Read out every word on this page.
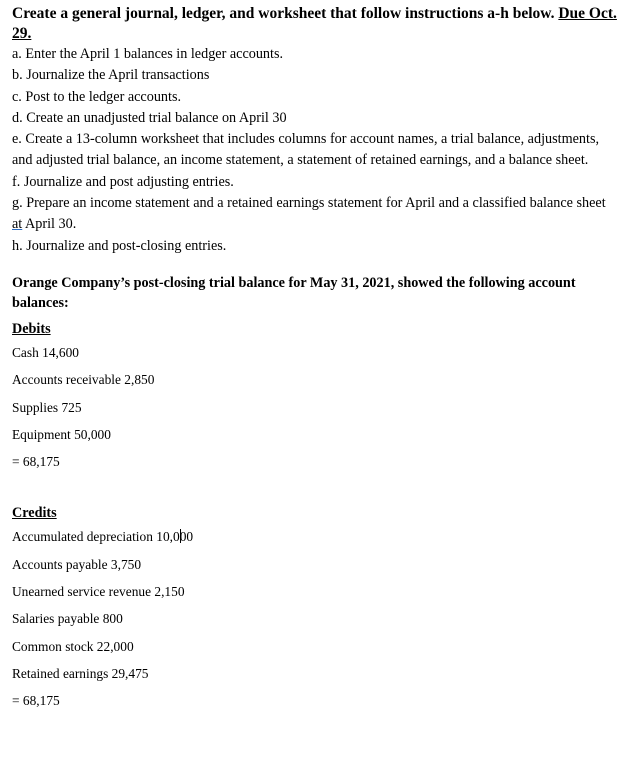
Create a general journal, ledger, and worksheet that follow instructions a-h below. Due Oct. 29.

a. Enter the April 1 balances in ledger accounts.
b. Journalize the April transactions
c. Post to the ledger accounts.
d. Create an unadjusted trial balance on April 30
e. Create a 13-column worksheet that includes columns for account names, a trial balance, adjustments, and adjusted trial balance, an income statement, a statement of retained earnings, and a balance sheet.
f. Journalize and post adjusting entries.
g. Prepare an income statement and a retained earnings statement for April and a classified balance sheet at April 30.
h. Journalize and post-closing entries.

Orange Company’s post-closing trial balance for May 31, 2021, showed the following account balances:

Debits

Cash 14,600
Accounts receivable 2,850
Supplies 725
Equipment 50,000
= 68,175

Credits

Accumulated depreciation 10,000
Accounts payable 3,750
Unearned service revenue 2,150
Salaries payable 800
Common stock 22,000
Retained earnings 29,475
= 68,175
